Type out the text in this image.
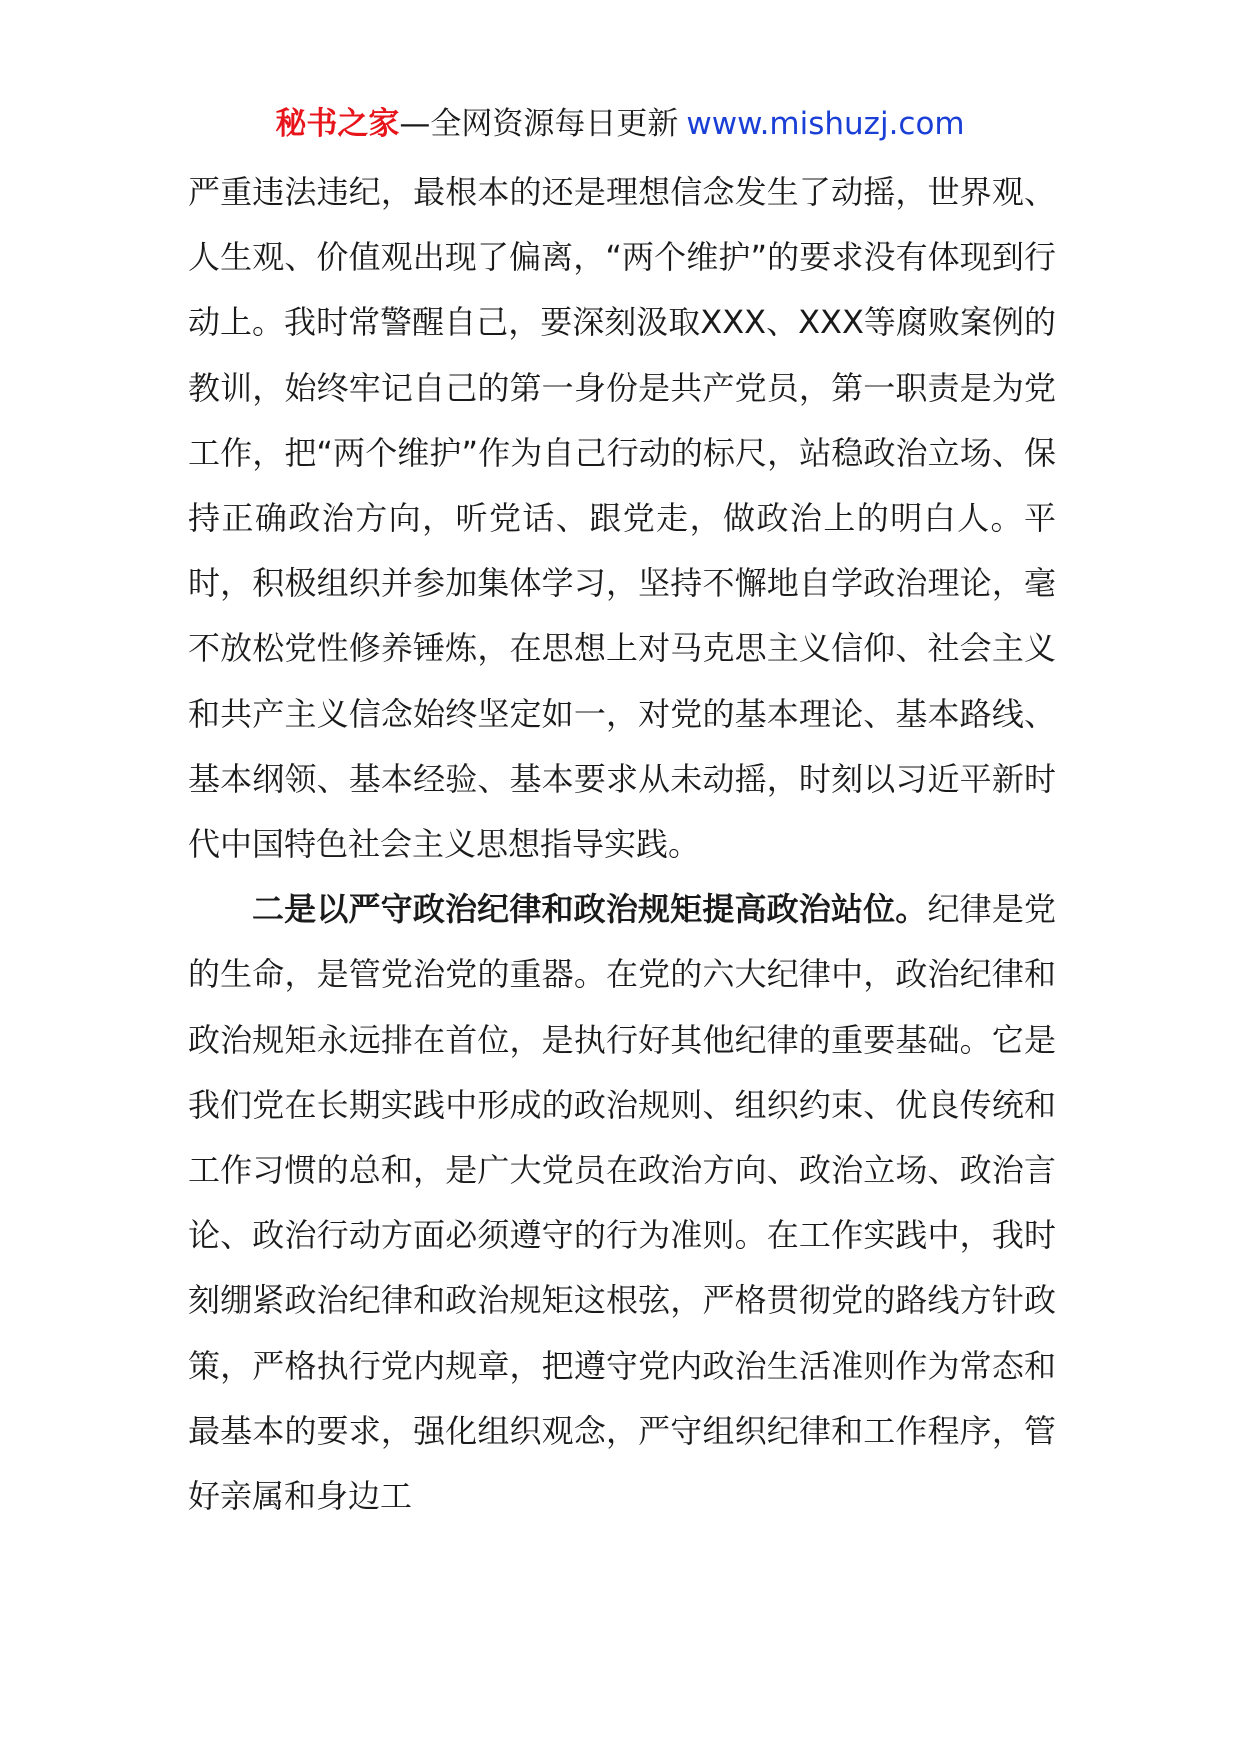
秘书之家—全网资源每日更新 www.mishuzj.com

严重违法违纪，最根本的还是理想信念发生了动摇，世界观、人生观、价值观出现了偏离，“两个维护”的要求没有体现到行动上。我时常警醒自己，要深刻汲取XXX、XXX等腐败案例的教训，始终牢记自己的第一身份是共产党员，第一职责是为党工作，把“两个维护”作为自己行动的标尺，站稳政治立场、保持正确政治方向，听党话、跟党走，做政治上的明白人。平时，积极组织并参加集体学习，坚持不懈地自学政治理论，毫不放松党性修养锤炼，在思想上对马克思主义信仰、社会主义和共产主义信念始终坚定如一，对党的基本理论、基本路线、基本纲领、基本经验、基本要求从未动摇，时刻以习近平新时代中国特色社会主义思想指导实践。

二是以严守政治纪律和政治规矩提高政治站位。纪律是党的生命，是管党治党的重器。在党的六大纪律中，政治纪律和政治规矩永远排在首位，是执行好其他纪律的重要基础。它是我们党在长期实践中形成的政治规则、组织约束、优良传统和工作习惯的总和，是广大党员在政治方向、政治立场、政治言论、政治行动方面必须遵守的行为准则。在工作实践中，我时刻绷紧政治纪律和政治规矩这根弦，严格贯彻党的路线方针政策，严格执行党内规章，把遵守党内政治生活准则作为常态和最基本的要求，强化组织观念，严守组织纪律和工作程序，管好亲属和身边工
